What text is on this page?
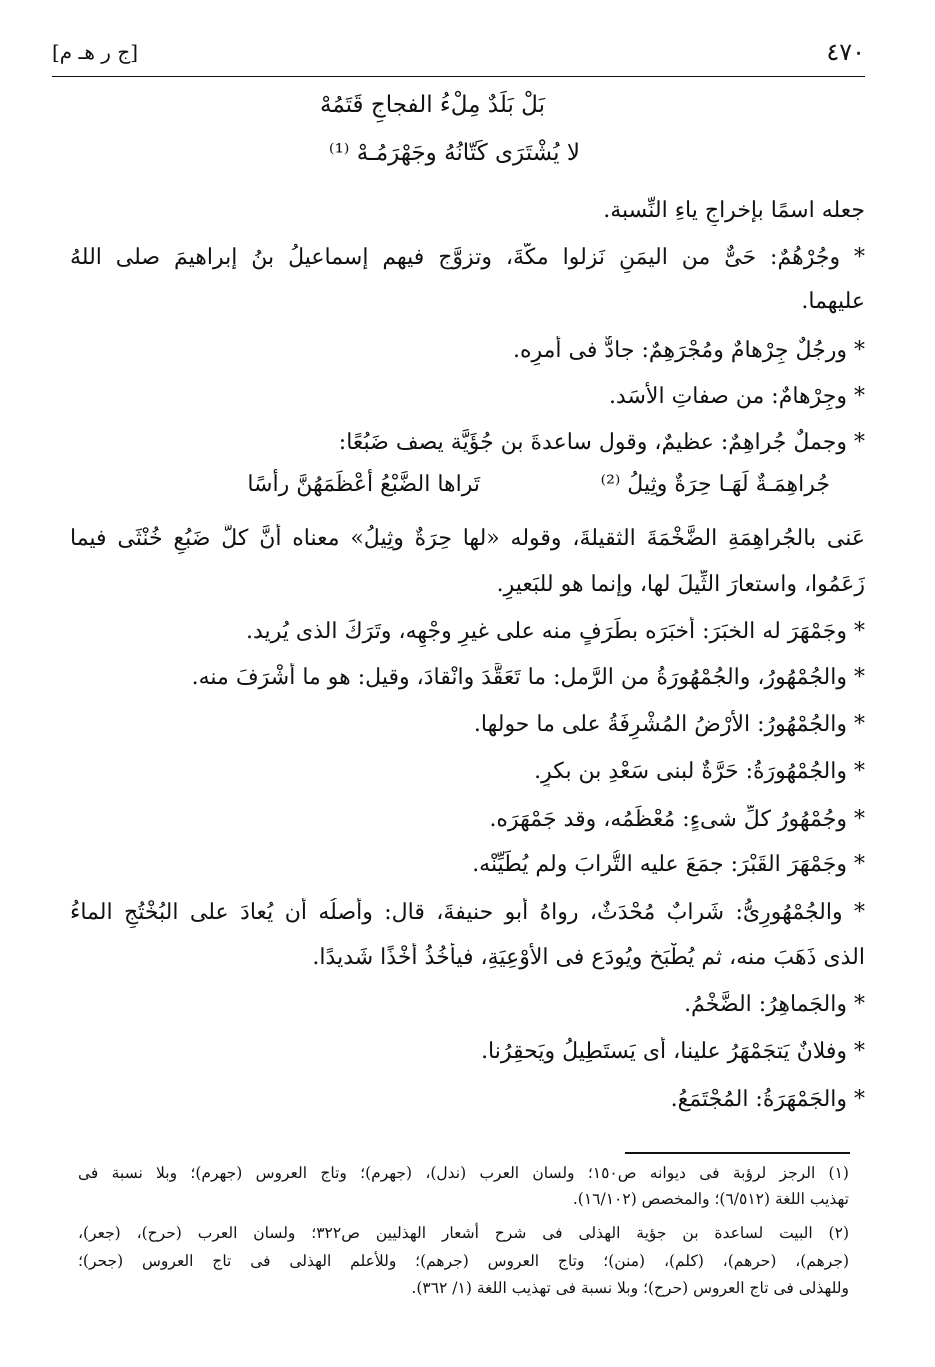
٤٧٠
[ج ر هـ م]
بَلْ بَلَدٌ مِلْءُ الفجاجِ قَتَمُهْ
لا يُشْتَرَى كَتّانُهُ وجَهْرَمُـهْ ⁽¹⁾
جعله اسمًا بإخراجِ ياءِ النِّسبة.
* وجُرْهُمٌ: حَىٌّ من اليمَنِ نَزلوا مكَّةَ، وتزوَّج فيهم إسماعيلُ بنُ إبراهيمَ صلى اللهُ
عليهما.
* ورجُلٌ جِرْهامٌ ومُجْرَهِمٌ: جادٌّ فى أمرِه.
* وجِرْهامٌ: من صفاتِ الأسَد.
* وجملٌ جُراهِمٌ: عظيمٌ، وقول ساعدةَ بن جُؤَيَّة يصف ضَبُعًا:
تَراها الضَّبْعُ أعْظَمَهُنَّ رأسًا	جُراهِمَـةٌ لَهَـا حِرَةٌ وثِيلُ ⁽²⁾
عَنى بالجُراهِمَةِ الضَّخْمَةَ الثقيلةَ، وقوله «لها حِرَةٌ وثِيلُ» معناه أنَّ كلَّ ضَبُعٍ خُنْثَى فيما
زَعَمُوا، واستعارَ الثِّيلَ لها، وإنما هو للبَعيرِ.
* وجَمْهَرَ له الخبَرَ: أخبَرَه بطَرَفٍ منه على غيرِ وجْهِه، وتَرَكَ الذى يُريد.
* والجُمْهُورُ، والجُمْهُورَةُ من الرَّمل: ما تَعَقَّدَ وانْقادَ، وقيل: هو ما أشْرَفَ منه.
* والجُمْهُورُ: الأرْضُ المُشْرِفَةُ على ما حولها.
* والجُمْهُورَةُ: حَرَّةٌ لبنى سَعْدِ بن بكرٍ.
* وجُمْهُورُ كلِّ شىءٍ: مُعْظَمُه، وقد جَمْهَرَه.
* وجَمْهَرَ القَبْرَ: جمَعَ عليه التُّرابَ ولم يُطَيِّنْه.
* والجُمْهُورِىُّ: شَرابٌ مُحْدَثٌ، رواهُ أبو حنيفةَ، قال: وأصلُه أن يُعادَ على البُخْتُجِ الماءُ
الذى ذَهَبَ منه، ثم يُطْبَخ ويُودَع فى الأوْعِيَةِ، فيأخُذُ أخْذًا شَديدًا.
* والجَماهِرُ: الضَّخْمُ.
* وفلانٌ يَتجَمْهَرُ علينا، أى يَستَطِيلُ ويَحقِرُنا.
* والجَمْهَرَةُ: المُجْتَمَعُ.
(١) الرجز لرؤبة فى ديوانه ص١٥٠؛ ولسان العرب (ندل)، (جهرم)؛ وتاج العروس (جهرم)؛ وبلا نسبة فى
تهذيب اللغة (٦/٥١٢)؛ والمخصص (١٦/١٠٢).
(٢) البيت لساعدة بن جؤية الهذلى فى شرح أشعار الهذليين ص٣٢٢؛ ولسان العرب (حرح)، (جعر)،
(جرهم)، (حرهم)، (كلم)، (منن)؛ وتاج العروس (جرهم)؛ وللأعلم الهذلى فى تاج العروس (جحر)؛
وللهذلى فى تاج العروس (حرح)؛ وبلا نسبة فى تهذيب اللغة (١/ ٣٦٢).
